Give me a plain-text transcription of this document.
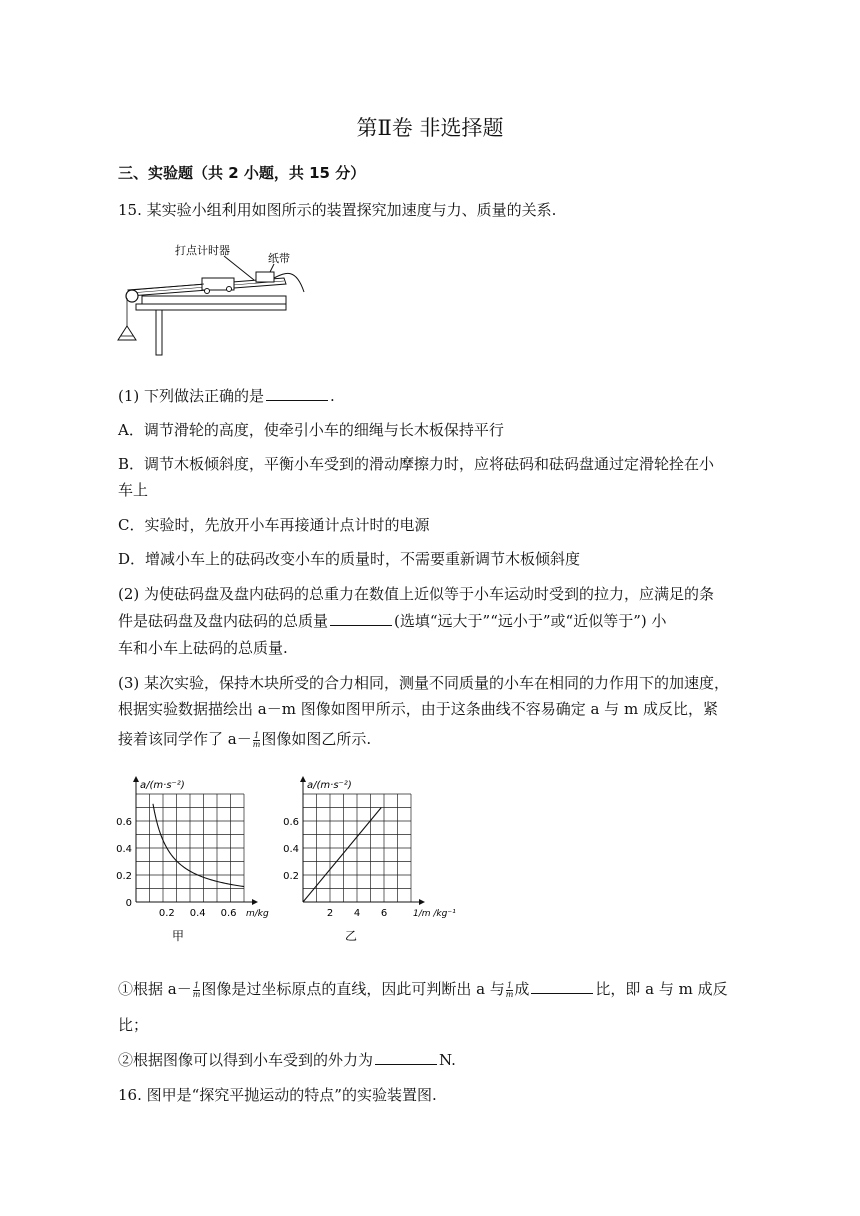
第Ⅱ卷 非选择题
三、实验题（共 2 小题，共 15 分）
15. 某实验小组利用如图所示的装置探究加速度与力、质量的关系.
打点计时器
纸带
(1) 下列做法正确的是	.
A．调节滑轮的高度，使牵引小车的细绳与长木板保持平行
B．调节木板倾斜度，平衡小车受到的滑动摩擦力时，应将砝码和砝码盘通过定滑轮拴在小
车上
C．实验时，先放开小车再接通计点计时的电源
D．增减小车上的砝码改变小车的质量时，不需要重新调节木板倾斜度
(2) 为使砝码盘及盘内砝码的总重力在数值上近似等于小车运动时受到的拉力，应满足的条
件是砝码盘及盘内砝码的总质量	(选填“远大于”“远小于”或“近似等于”) 小
车和小车上砝码的总质量.
(3) 某次实验，保持木块所受的合力相同，测量不同质量的小车在相同的力作用下的加速度，
根据实验数据描绘出 a－m 图像如图甲所示，由于这条曲线不容易确定 a 与 m 成反比，紧
接着该同学作了 $a- \frac{1}{m}$ 图像如图乙所示.
a/(m·s⁻²)
0
0.2
0.4
0.6
0.2 0.4 0.6 m/kg
甲
a/(m·s⁻²)
0.2
0.4
0.6
2 4 6	1/m /kg⁻¹
乙
①根据 $a- \frac{1}{m}$ 图像是过坐标原点的直线，因此可判断出 a 与 $\frac{1}{m}$ 成	比，即 a 与 m 成反
比；
②根据图像可以得到小车受到的外力为	N.
16. 图甲是“探究平抛运动的特点”的实验装置图.
